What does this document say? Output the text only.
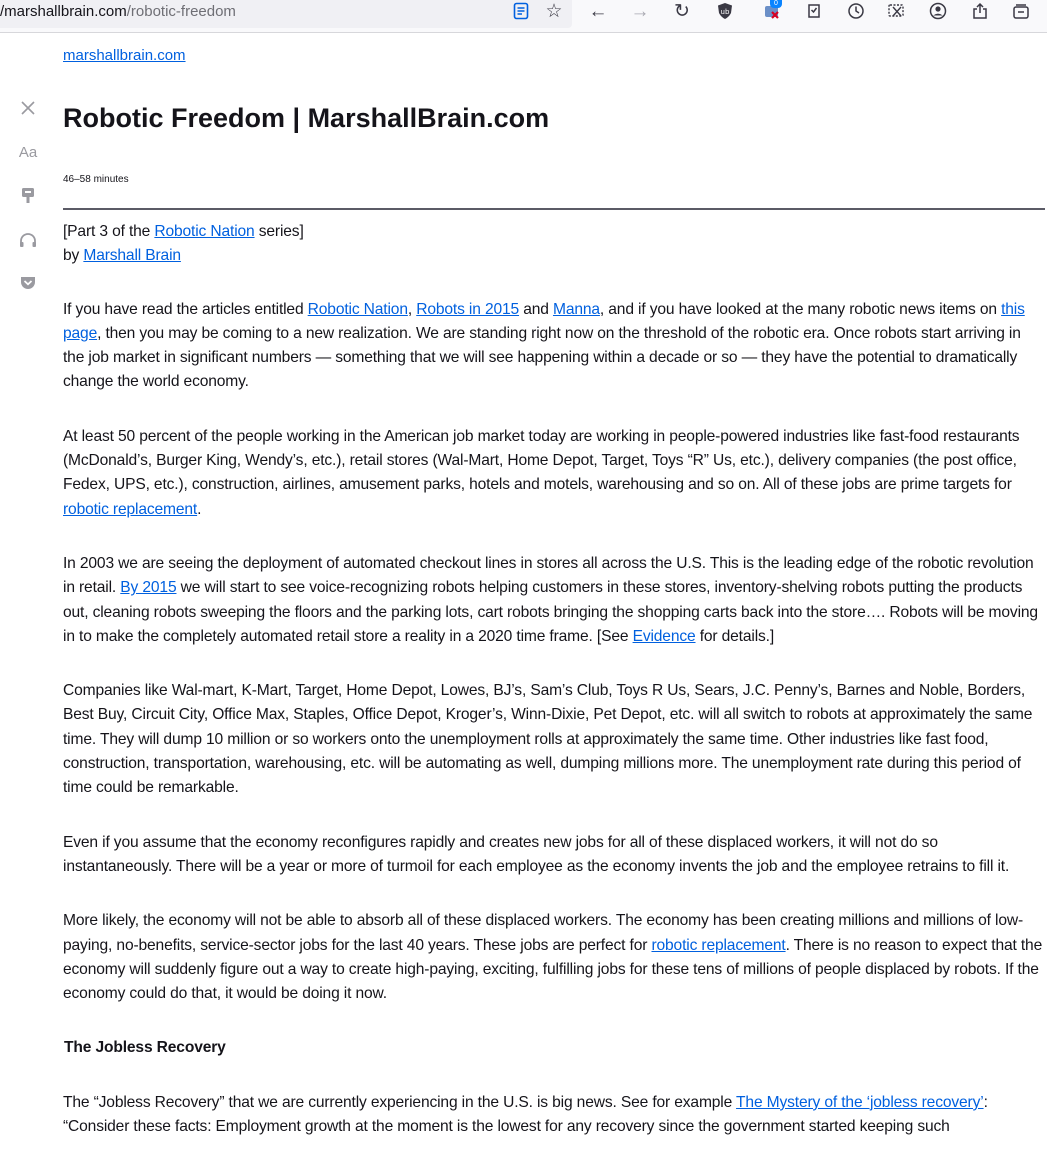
/marshallbrain.com/robotic-freedom	☆ ← → ↻	ub
0
Aa
marshallbrain.com
Robotic Freedom | MarshallBrain.com
46–58 minutes

[Part 3 of the Robotic Nation series]
by Marshall Brain

If you have read the articles entitled Robotic Nation, Robots in 2015 and Manna, and if you have looked at the many robotic news items on this page, then you may be coming to a new realization. We are standing right now on the threshold of the robotic era. Once robots start arriving in the job market in significant numbers — something that we will see happening within a decade or so — they have the potential to dramatically change the world economy.

At least 50 percent of the people working in the American job market today are working in people-powered industries like fast-food restaurants (McDonald’s, Burger King, Wendy’s, etc.), retail stores (Wal-Mart, Home Depot, Target, Toys “R” Us, etc.), delivery companies (the post office, Fedex, UPS, etc.), construction, airlines, amusement parks, hotels and motels, warehousing and so on. All of these jobs are prime targets for robotic replacement.

In 2003 we are seeing the deployment of automated checkout lines in stores all across the U.S. This is the leading edge of the robotic revolution in retail. By 2015 we will start to see voice-recognizing robots helping customers in these stores, inventory-shelving robots putting the products out, cleaning robots sweeping the floors and the parking lots, cart robots bringing the shopping carts back into the store…. Robots will be moving in to make the completely automated retail store a reality in a 2020 time frame. [See Evidence for details.]

Companies like Wal-mart, K-Mart, Target, Home Depot, Lowes, BJ’s, Sam’s Club, Toys R Us, Sears, J.C. Penny’s, Barnes and Noble, Borders, Best Buy, Circuit City, Office Max, Staples, Office Depot, Kroger’s, Winn-Dixie, Pet Depot, etc. will all switch to robots at approximately the same time. They will dump 10 million or so workers onto the unemployment rolls at approximately the same time. Other industries like fast food, construction, transportation, warehousing, etc. will be automating as well, dumping millions more. The unemployment rate during this period of time could be remarkable.

Even if you assume that the economy reconfigures rapidly and creates new jobs for all of these displaced workers, it will not do so instantaneously. There will be a year or more of turmoil for each employee as the economy invents the job and the employee retrains to fill it.

More likely, the economy will not be able to absorb all of these displaced workers. The economy has been creating millions and millions of low-paying, no-benefits, service-sector jobs for the last 40 years. These jobs are perfect for robotic replacement. There is no reason to expect that the economy will suddenly figure out a way to create high-paying, exciting, fulfilling jobs for these tens of millions of people displaced by robots. If the economy could do that, it would be doing it now.

The Jobless Recovery

The “Jobless Recovery” that we are currently experiencing in the U.S. is big news. See for example The Mystery of the ‘jobless recovery’: “Consider these facts: Employment growth at the moment is the lowest for any recovery since the government started keeping such
